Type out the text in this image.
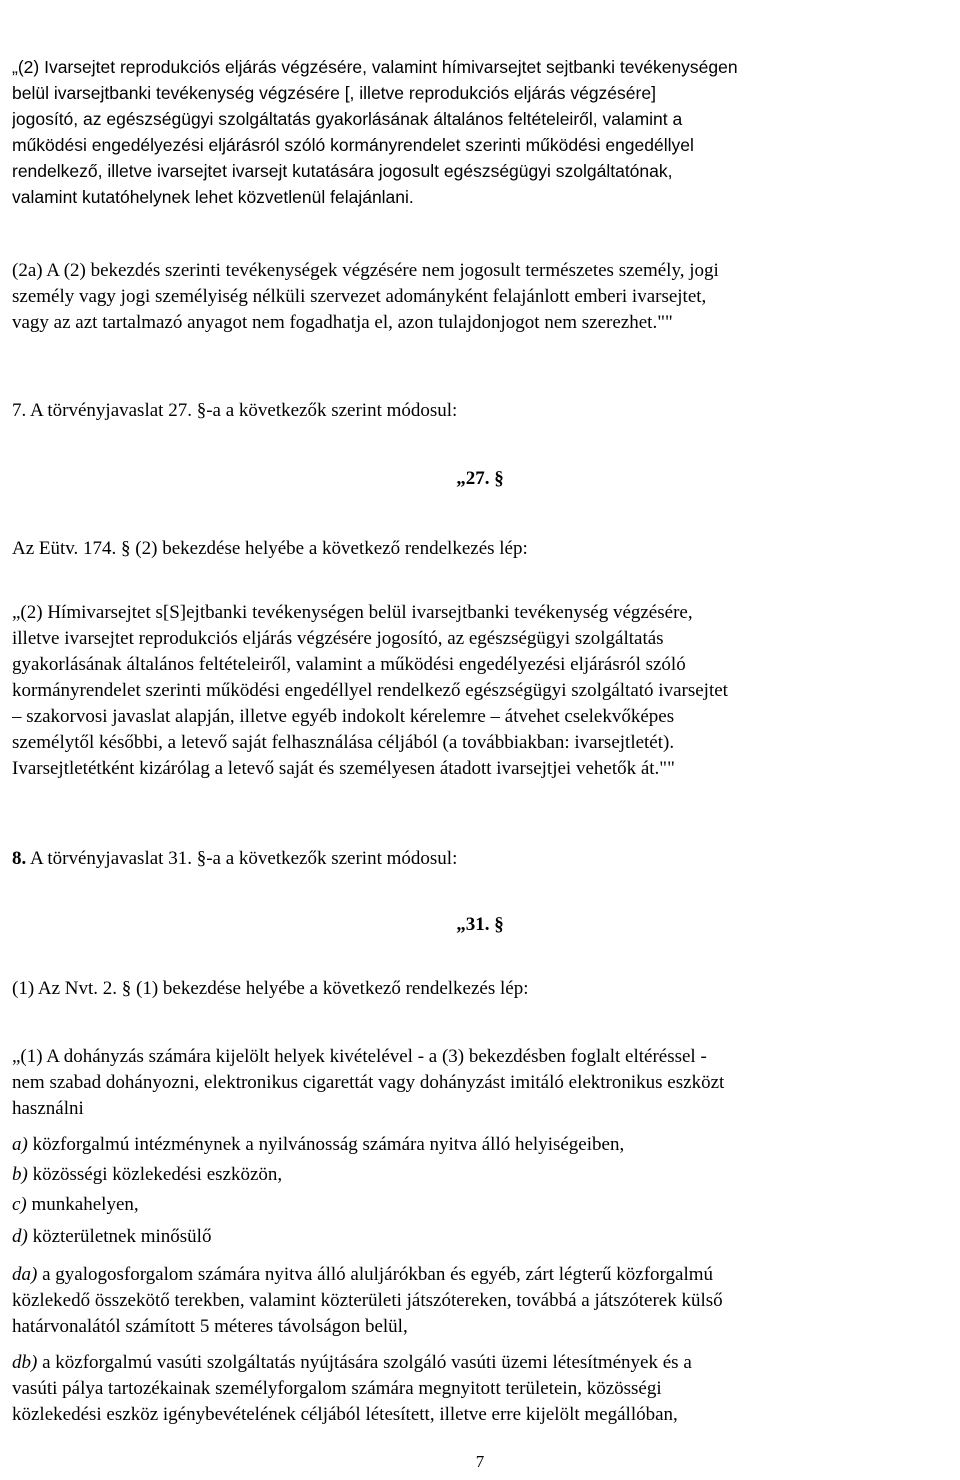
„(2) Ivarsejtet reprodukciós eljárás végzésére, valamint hímivarsejtet sejtbanki tevékenységen
belül ivarsejtbanki tevékenység végzésére [, illetve reprodukciós eljárás végzésére]
jogosító, az egészségügyi szolgáltatás gyakorlásának általános feltételeiről, valamint a
működési engedélyezési eljárásról szóló kormányrendelet szerinti működési engedéllyel
rendelkező, illetve ivarsejtet ivarsejt kutatására jogosult egészségügyi szolgáltatónak,
valamint kutatóhelynek lehet közvetlenül felajánlani.
(2a) A (2) bekezdés szerinti tevékenységek végzésére nem jogosult természetes személy, jogi
személy vagy jogi személyiség nélküli szervezet adományként felajánlott emberi ivarsejtet,
vagy az azt tartalmazó anyagot nem fogadhatja el, azon tulajdonjogot nem szerezhet.""

7. A törvényjavaslat 27. §-a a következők szerint módosul:

„27. §

Az Eütv. 174. § (2) bekezdése helyébe a következő rendelkezés lép:

„(2) Hímivarsejtet s[S]ejtbanki tevékenységen belül ivarsejtbanki tevékenység végzésére,
illetve ivarsejtet reprodukciós eljárás végzésére jogosító, az egészségügyi szolgáltatás
gyakorlásának általános feltételeiről, valamint a működési engedélyezési eljárásról szóló
kormányrendelet szerinti működési engedéllyel rendelkező egészségügyi szolgáltató ivarsejtet
– szakorvosi javaslat alapján, illetve egyéb indokolt kérelemre – átvehet cselekvőképes
személytől későbbi, a letevő saját felhasználása céljából (a továbbiakban: ivarsejtletét).
Ivarsejtletétként kizárólag a letevő saját és személyesen átadott ivarsejtjei vehetők át.""

8. A törvényjavaslat 31. §-a a következők szerint módosul:

„31. §

(1) Az Nvt. 2. § (1) bekezdése helyébe a következő rendelkezés lép:

„(1) A dohányzás számára kijelölt helyek kivételével - a (3) bekezdésben foglalt eltéréssel -
nem szabad dohányozni, elektronikus cigarettát vagy dohányzást imitáló elektronikus eszközt
használni

a) közforgalmú intézménynek a nyilvánosság számára nyitva álló helyiségeiben,

b) közösségi közlekedési eszközön,

c) munkahelyen,

d) közterületnek minősülő

da) a gyalogosforgalom számára nyitva álló aluljárókban és egyéb, zárt légterű közforgalmú
közlekedő összekötő terekben, valamint közterületi játszótereken, továbbá a játszóterek külső
határvonalától számított 5 méteres távolságon belül,
db) a közforgalmú vasúti szolgáltatás nyújtására szolgáló vasúti üzemi létesítmények és a
vasúti pálya tartozékainak személyforgalom számára megnyitott területein, közösségi
közlekedési eszköz igénybevételének céljából létesített, illetve erre kijelölt megállóban,
7
